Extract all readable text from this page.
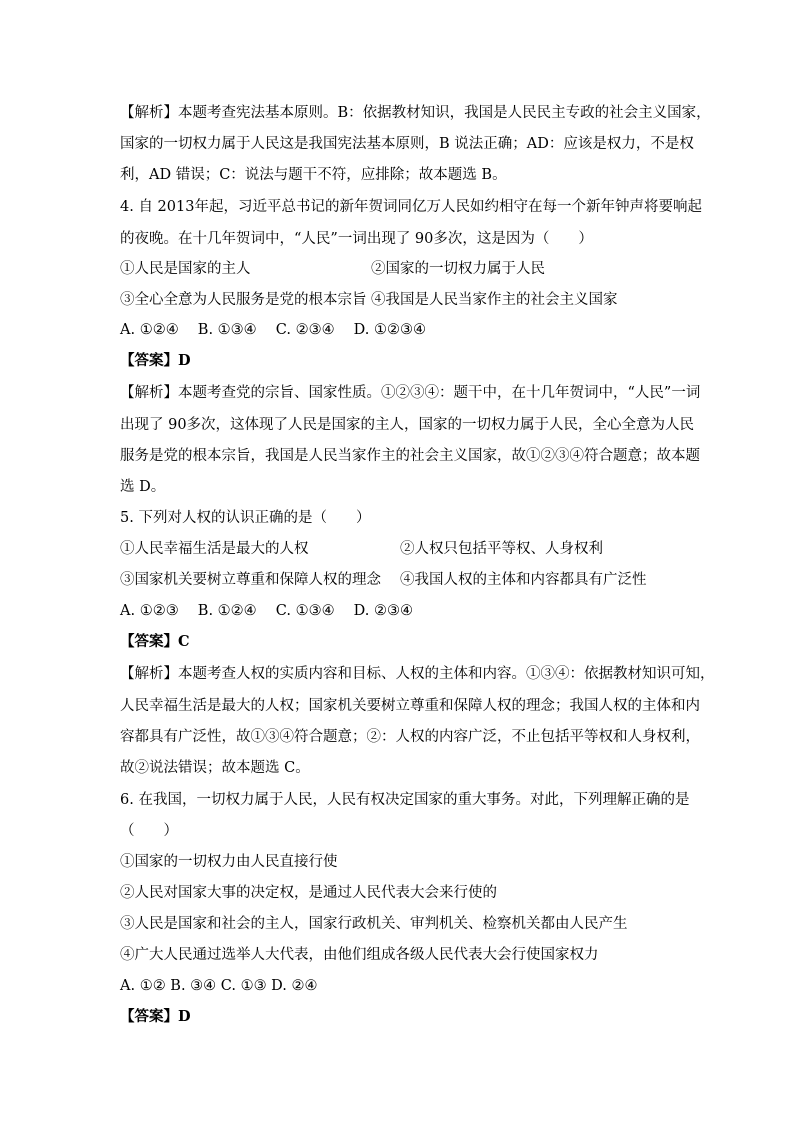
【解析】本题考查宪法基本原则。B：依据教材知识，我国是人民民主专政的社会主义国家，
国家的一切权力属于人民这是我国宪法基本原则，B 说法正确；AD：应该是权力，不是权
利，AD 错误；C：说法与题干不符，应排除；故本题选 B。
4. 自 2013年起，习近平总书记的新年贺词同亿万人民如约相守在每一个新年钟声将要响起
的夜晚。在十几年贺词中，“人民”一词出现了 90多次，这是因为（　　）
①人民是国家的主人	②国家的一切权力属于人民
③全心全意为人民服务是党的根本宗旨 ④我国是人民当家作主的社会主义国家
A. ①②④　 B. ①③④　 C. ②③④　 D. ①②③④
【答案】D
【解析】本题考查党的宗旨、国家性质。①②③④：题干中，在十几年贺词中，“人民”一词
出现了 90多次，这体现了人民是国家的主人，国家的一切权力属于人民，全心全意为人民
服务是党的根本宗旨，我国是人民当家作主的社会主义国家，故①②③④符合题意；故本题
选 D。
5. 下列对人权的认识正确的是（　　）
①人民幸福生活是最大的人权	②人权只包括平等权、人身权利
③国家机关要树立尊重和保障人权的理念 ④我国人权的主体和内容都具有广泛性
A. ①②③　 B. ①②④　 C. ①③④　 D. ②③④
【答案】C
【解析】本题考查人权的实质内容和目标、人权的主体和内容。①③④：依据教材知识可知，
人民幸福生活是最大的人权；国家机关要树立尊重和保障人权的理念；我国人权的主体和内
容都具有广泛性，故①③④符合题意；②：人权的内容广泛，不止包括平等权和人身权利，
故②说法错误；故本题选 C。
6. 在我国，一切权力属于人民，人民有权决定国家的重大事务。对此，下列理解正确的是
（　　）
①国家的一切权力由人民直接行使
②人民对国家大事的决定权，是通过人民代表大会来行使的
③人民是国家和社会的主人，国家行政机关、审判机关、检察机关都由人民产生
④广大人民通过选举人大代表，由他们组成各级人民代表大会行使国家权力
A. ①② B. ③④ C. ①③ D. ②④
【答案】D
